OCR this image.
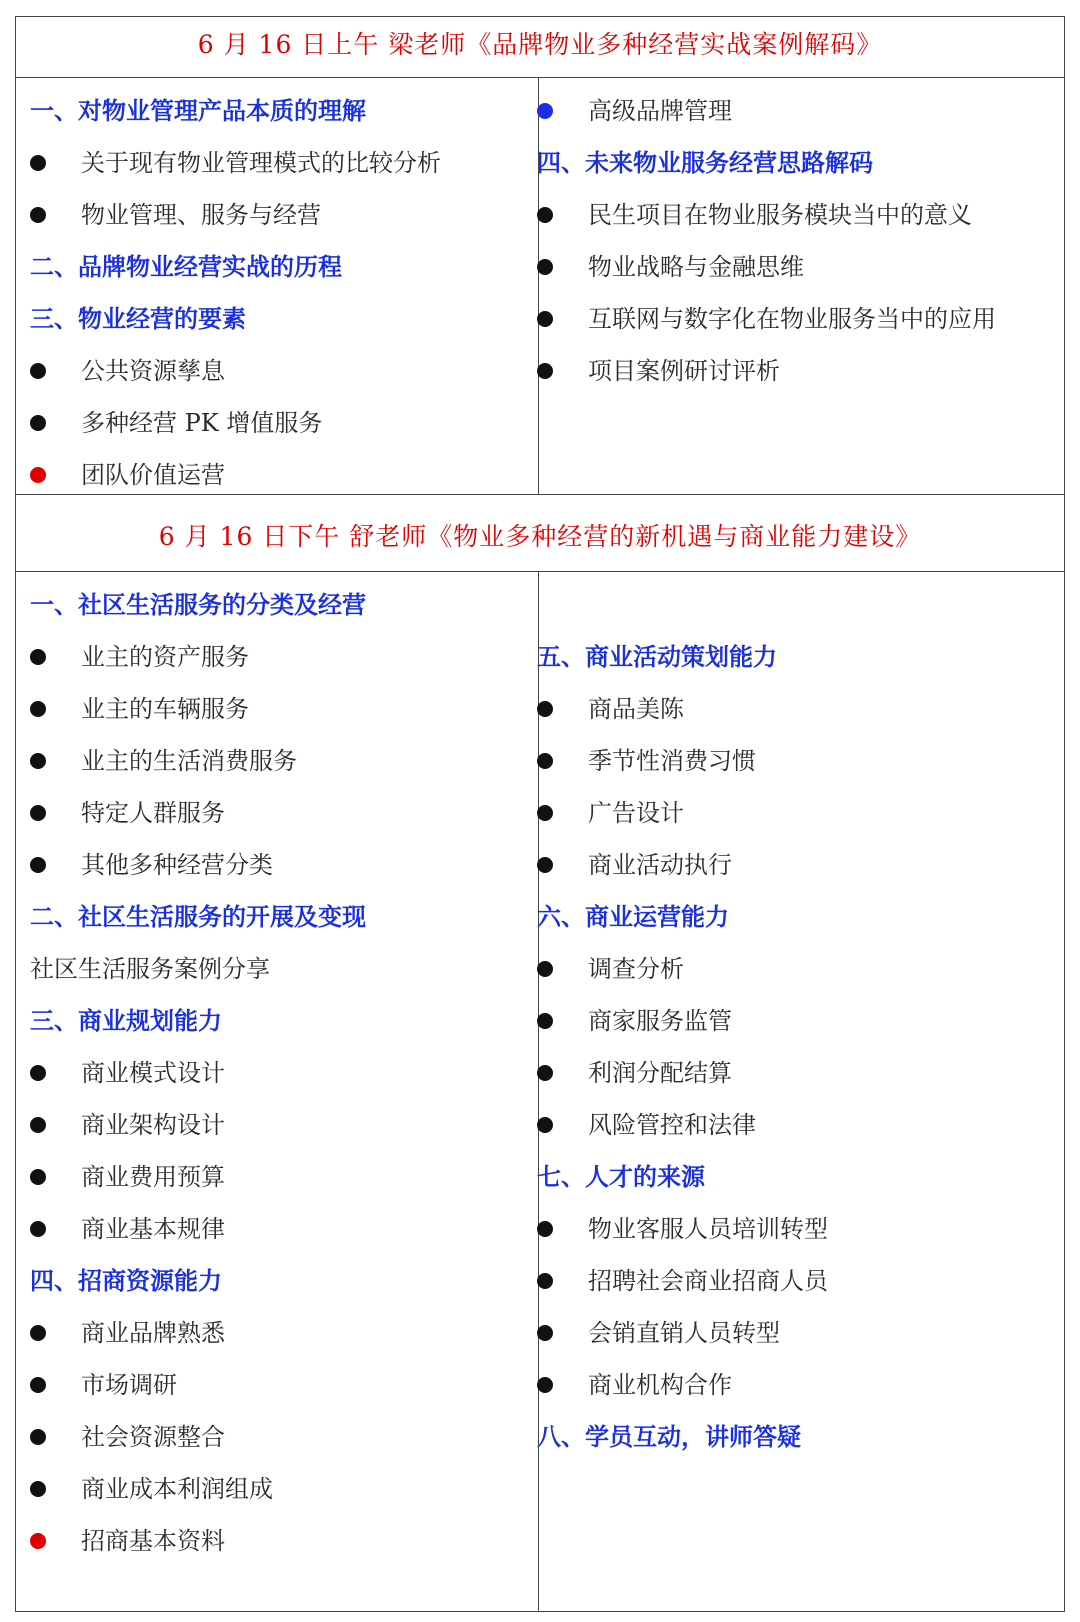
6 月 16 日上午 梁老师《品牌物业多种经营实战案例解码》
一、对物业管理产品本质的理解
关于现有物业管理模式的比较分析
物业管理、服务与经营
二、品牌物业经营实战的历程
三、物业经营的要素
公共资源孳息
多种经营 PK 增值服务
团队价值运营
高级品牌管理
四、未来物业服务经营思路解码
民生项目在物业服务模块当中的意义
物业战略与金融思维
互联网与数字化在物业服务当中的应用
项目案例研讨评析
6 月 16 日下午 舒老师《物业多种经营的新机遇与商业能力建设》
一、社区生活服务的分类及经营
业主的资产服务
业主的车辆服务
业主的生活消费服务
特定人群服务
其他多种经营分类
二、社区生活服务的开展及变现
社区生活服务案例分享
三、商业规划能力
商业模式设计
商业架构设计
商业费用预算
商业基本规律
四、招商资源能力
商业品牌熟悉
市场调研
社会资源整合
商业成本利润组成
招商基本资料
五、商业活动策划能力
商品美陈
季节性消费习惯
广告设计
商业活动执行
六、商业运营能力
调查分析
商家服务监管
利润分配结算
风险管控和法律
七、人才的来源
物业客服人员培训转型
招聘社会商业招商人员
会销直销人员转型
商业机构合作
八、学员互动，讲师答疑
